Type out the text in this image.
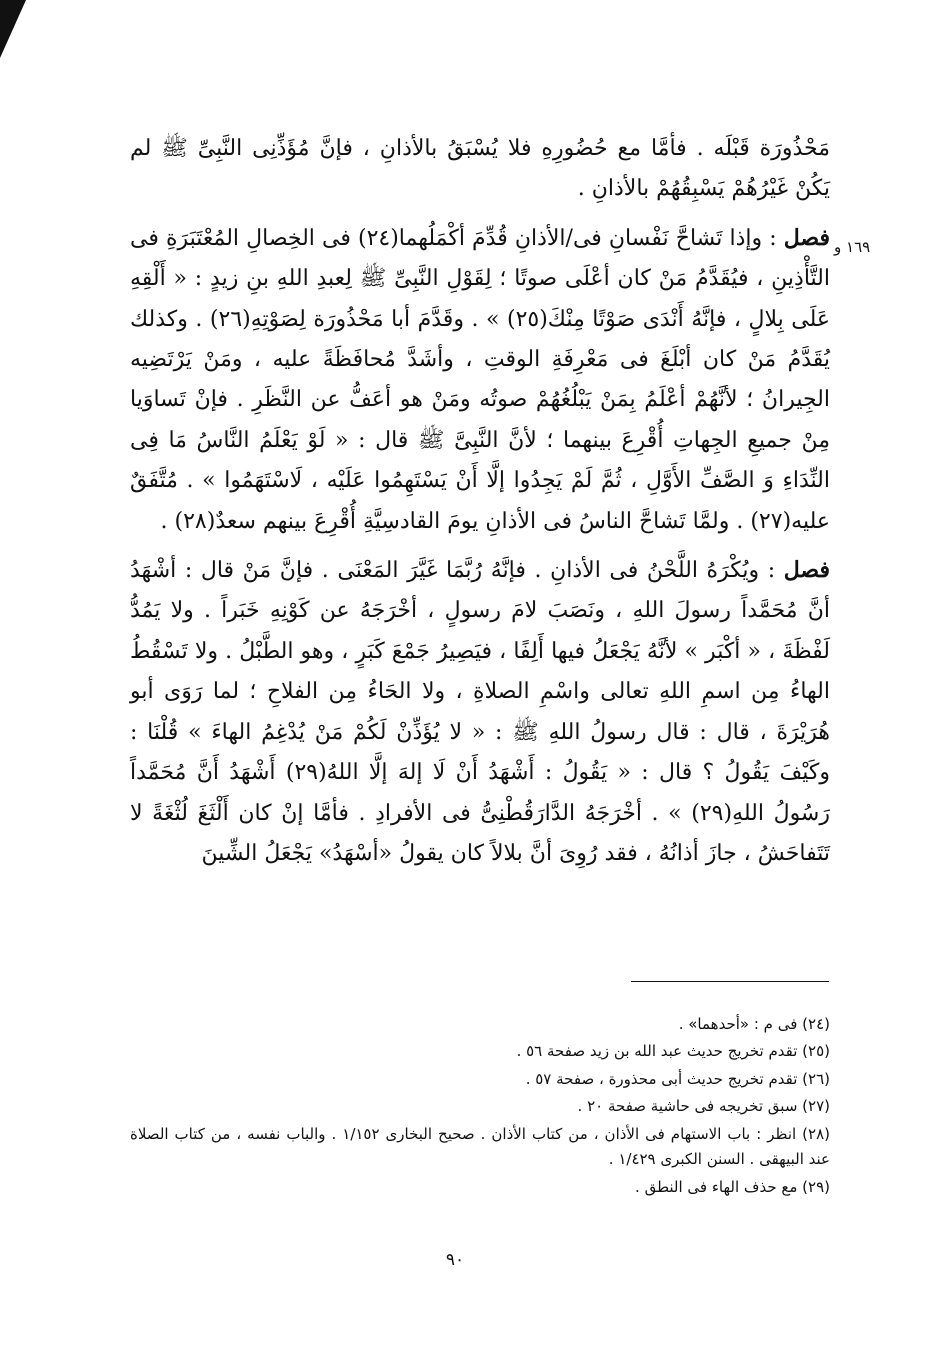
١٦٩ و

مَحْذُورَة قَبْلَه . فأمَّا مع حُضُورِهِ فلا يُسْبَقُ بالأذانِ ، فإنَّ مُؤَذِّنِى النَّبِىِّ ﷺ لم يَكُنْ غَيْرُهُمْ يَسْبِقُهُمْ بالأذانِ .

فصل : وإذا تَشاحَّ نَفْسانِ فى/الأذانِ قُدِّمَ أكْمَلُهما(٢٤) فى الخِصالِ المُعْتَبَرَةِ فى التَّأْذِينِ ، فيُقَدَّمُ مَنْ كان أعْلَى صوتًا ؛ لِقَوْلِ النَّبِىِّ ﷺ لِعبدِ اللهِ بنِ زيدٍ : « أَلْقِهِ عَلَى بِلالٍ ، فإنَّهُ أَنْدَى صَوْتًا مِنْكَ(٢٥) » . وقَدَّمَ أبا مَحْذُورَة لِصَوْتِهِ(٢٦) . وكذلك يُقَدَّمُ مَنْ كان أبْلَغَ فى مَعْرِفَةِ الوقتِ ، وأشَدَّ مُحافَظَةً عليه ، ومَنْ يَرْتَضِيه الجِيرانُ ؛ لأنَّهُمْ أعْلَمُ بِمَنْ يَبْلُغُهُمْ صوتُه ومَنْ هو أعَفُّ عن النَّظَرِ . فإنْ تَساوَيا مِنْ جميعِ الجِهاتِ أُقْرِعَ بينهما ؛ لأنَّ النَّبِىَّ ﷺ قال : « لَوْ يَعْلَمُ النَّاسُ مَا فِى النِّدَاءِ وَ الصَّفِّ الأَوَّلِ ، ثُمَّ لَمْ يَجِدُوا إلَّا أَنْ يَسْتَهِمُوا عَلَيْه ، لَاسْتَهَمُوا » . مُتَّفَقٌ عليه(٢٧) . ولمَّا تَشاحَّ الناسُ فى الأذانِ يومَ القادسِيَّةِ أُقْرِعَ بينهم سعدٌ(٢٨) .

فصل : ويُكْرَهُ اللَّحْنُ فى الأذانِ . فإنَّهُ رُبَّمَا غَيَّرَ المَعْنَى . فإنَّ مَنْ قال : أشْهَدُ أنَّ مُحَمَّداً رسولَ اللهِ ، ونَصَبَ لامَ رسولٍ ، أخْرَجَهُ عن كَوْنِهِ خَبَراً . ولا يَمُدُّ لَفْظَةَ ، « أكْبَر » لأنَّهُ يَجْعَلُ فيها أَلِفًا ، فيَصِيرُ جَمْعَ كَبَرٍ ، وهو الطَّبْلُ . ولا تَسْقُطُ الهاءُ مِن اسمِ اللهِ تعالى واسْمِ الصلاةِ ، ولا الحَاءُ مِن الفلاحِ ؛ لما رَوَى أبو هُرَيْرَةَ ، قال : قال رسولُ اللهِ ﷺ : « لا يُؤَذِّنْ لَكُمْ مَنْ يُدْغِمُ الهاءَ » قُلْنَا : وكَيْفَ يَقُولُ ؟ قال : « يَقُولُ : أَشْهَدُ أَنْ لَا إلهَ إلَّا اللهُ(٢٩) أَشْهَدُ أَنَّ مُحَمَّداً رَسُولُ اللهِ(٢٩) » . أخْرَجَهُ الدَّارَقُطْنِىُّ فى الأفرادِ . فأمَّا إنْ كان أَلْثَغَ لُثْغَةً لا تَتَفاحَشُ ، جازَ أذانُهُ ، فقد رُوِىَ أنَّ بلالاً كان يقولُ «أسْهَدُ» يَجْعَلُ الشِّينَ

(٢٤) فى م : «أحدهما» .
(٢٥) تقدم تخريج حديث عبد الله بن زيد صفحة ٥٦ .
(٢٦) تقدم تخريج حديث أبى محذورة ، صفحة ٥٧ .
(٢٧) سبق تخريجه فى حاشية صفحة ٢٠ .
(٢٨) انظر : باب الاستهام فى الأذان ، من كتاب الأذان . صحيح البخارى ١/١٥٢ . والباب نفسه ، من كتاب الصلاة عند البيهقى . السنن الكبرى ١/٤٢٩ .
(٢٩) مع حذف الهاء فى النطق .
٩٠
